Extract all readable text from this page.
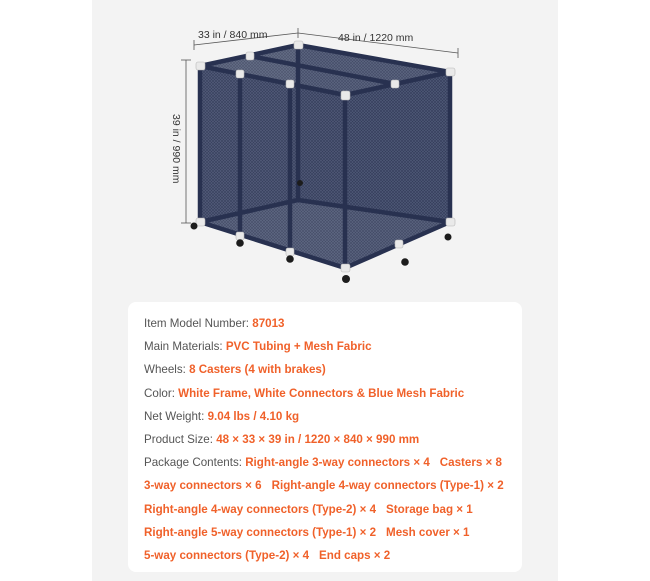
33 in / 840 mm	48 in / 1220 mm
39 in / 990 mm
Item Model Number: 87013
Main Materials: PVC Tubing + Mesh Fabric
Wheels: 8 Casters (4 with brakes)
Color: White Frame, White Connectors & Blue Mesh Fabric
Net Weight: 9.04 lbs / 4.10 kg
Product Size: 48 × 33 × 39 in / 1220 × 840 × 990 mm
Package Contents: Right-angle 3-way connectors × 4 Casters × 8
3-way connectors × 6 Right-angle 4-way connectors (Type-1) × 2
Right-angle 4-way connectors (Type-2) × 4 Storage bag × 1
Right-angle 5-way connectors (Type-1) × 2 Mesh cover × 1
5-way connectors (Type-2) × 4 End caps × 2
